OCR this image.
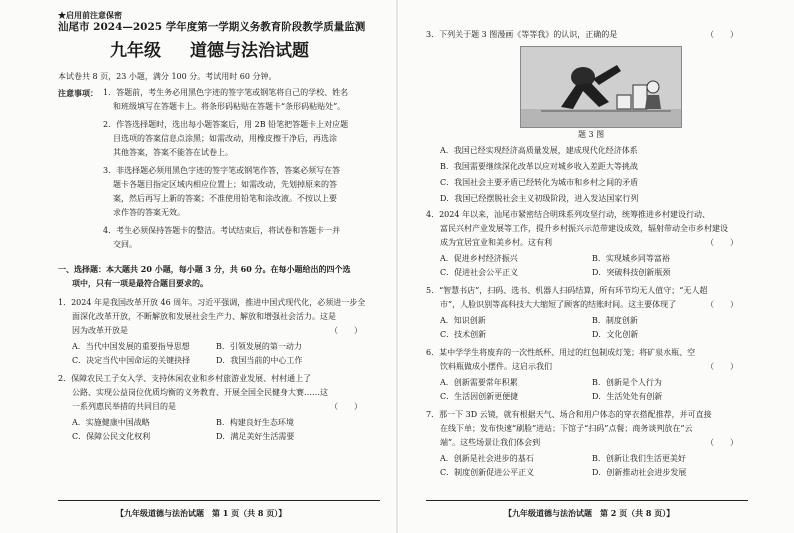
★启用前注意保密
汕尾市 2024—2025 学年度第一学期义务教育阶段教学质量监测
九年级 道德与法治试题
本试卷共 8 页，23 小题，满分 100 分。考试用时 60 分钟。
注意事项： 1．答题前，考生务必用黑色字迹的签字笔或钢笔将自己的学校、姓名
和班级填写在答题卡上。将条形码粘贴在答题卡“条形码粘贴处”。
2．作答选择题时，选出每小题答案后，用 2B 铅笔把答题卡上对应题
目选项的答案信息点涂黑；如需改动，用橡皮擦干净后，再选涂
其他答案，答案不能答在试卷上。
3．非选择题必须用黑色字迹的签字笔或钢笔作答，答案必须写在答
题卡各题目指定区域内相应位置上；如需改动，先划掉原来的答
案，然后再写上新的答案；不准使用铅笔和涂改液。不按以上要
求作答的答案无效。
4．考生必须保持答题卡的整洁。考试结束后，将试卷和答题卡一并
交回。
一、选择题：本大题共 20 小题，每小题 3 分，共 60 分。在每小题给出的四个选
项中，只有一项是最符合题目要求的。
1．2024 年是我国改革开放 46 周年。习近平强调，推进中国式现代化，必须进一步全
面深化改革开放，不断解放和发展社会生产力、解放和增强社会活力。这是
因为改革开放是	（　　）
A．当代中国发展的重要指导思想	B．引领发展的第一动力
C．决定当代中国命运的关键抉择	D．我国当前的中心工作
2．保障农民工子女入学、支持休闲农业和乡村旅游业发展、村村通上了
公路、实现公益岗位优质均衡的义务教育、开展全国全民健身大赛……这
一系列惠民举措的共同目的是	（　　）
A．实施健康中国战略	B．构建良好生态环境
C．保障公民文化权利	D．满足美好生活需要
【九年级道德与法治试题　第 1 页（共 8 页）】
3．下列关于题 3 图漫画《等等我》的认识，正确的是	（　　）
题 3 图
A．我国已经实现经济高质量发展，建成现代化经济体系
B．我国需要继续深化改革以应对城乡收入差距大等挑战
C．我国社会主要矛盾已经转化为城市和乡村之间的矛盾
D．我国已经摆脱社会主义初级阶段，进入发达国家行列
4．2024 年以来，汕尾市紧密结合明珠系列攻坚行动，统筹推进乡村建设行动、
富民兴村产业发展等工作，提升乡村振兴示范带建设成效，辐射带动全市乡村建设
成为宜居宜业和美乡村。这有利	（　　）
A．促进乡村经济振兴	B．实现城乡同等富裕
C．促进社会公平正义	D．突破科技创新瓶颈
5．“智慧书店”，扫码、选书、机器人扫码结算，所有环节均无人值守；“无人超
市”，人脸识别等高科技大大缩短了顾客的结账时间。这主要体现了	（　　）
A．知识创新	B．制度创新
C．技术创新	D．文化创新
6．某中学学生将废弃的一次性纸杯、用过的红包制成灯笼；将矿泉水瓶、空
饮料瓶做成小摆件。这启示我们	（　　）
A．创新需要常年积累	B．创新是个人行为
C．生活因创新更便捷	D．生活处处有创新
7．那一下 3D 云镜，就有根据天气、场合和用户体态的穿衣搭配推荐，并可直接
在线下单；发布快速“刷脸”进站；下馆子“扫码”点餐；商务谈判放在“云
端”。这些场景让我们体会到	（　　）
A．创新是社会进步的基石	B．创新让我们生活更美好
C．制度创新促进公平正义	D．创新推动社会进步发展
【九年级道德与法治试题　第 2 页（共 8 页）】
